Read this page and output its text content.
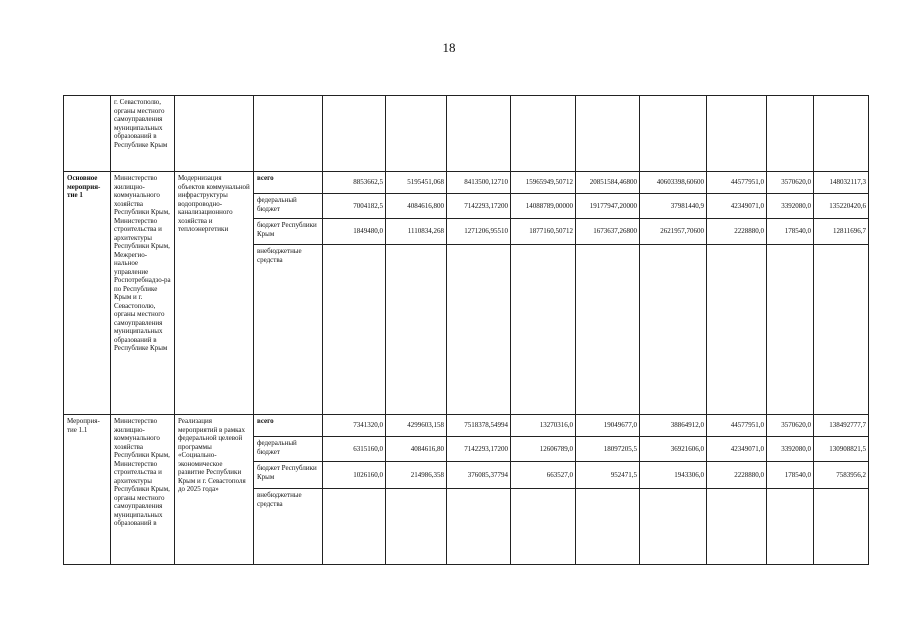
18
	г. Севастополю, органы местного самоуправления муниципальных образований в Республике Крым											
Основное мероприя-тие 1	Министерство жилищно-коммунального хозяйства Республики Крым, Министерство строительства и архитектуры Республики Крым, Межрегио-нальное управление Роспотребнадзо-ра по Республике Крым и г. Севастополю, органы местного самоуправления муниципальных образований в Республике Крым	Модернизация объектов коммунальной инфраструктуры водопроводно-канализационного хозяйства и теплоэнергетики	всего	8853662,5	5195451,068	8413500,12710	15965949,50712	20851584,46800	40603398,60600	44577951,0	3570620,0	148032117,3
			федеральный бюджет	7004182,5	4084616,800	7142293,17200	14088789,00000	19177947,20000	37981440,9	42349071,0	3392080,0	135220420,6
			бюджет Республики Крым	1849480,0	1110834,268	1271206,95510	1877160,50712	1673637,26800	2621957,70600	2228880,0	178540,0	12811696,7
			внебюджетные средства									
Мероприя-тие 1.1	Министерство жилищно-коммунального хозяйства Республики Крым, Министерство строительства и архитектуры Республики Крым, органы местного самоуправления муниципальных образований в	Реализация мероприятий в рамках федеральной целевой программы «Социально-экономическое развитие Республики Крым и г. Севастополя до 2025 года»	всего	7341320,0	4299603,158	7518378,54994	13270316,0	19049677,0	38864912,0	44577951,0	3570620,0	138492777,7
			федеральный бюджет	6315160,0	4084616,80	7142293,17200	12606789,0	18097205,5	36921606,0	42349071,0	3392080,0	130908821,5
			бюджет Республики Крым	1026160,0	214986,358	376085,37794	663527,0	952471,5	1943306,0	2228880,0	178540,0	7583956,2
			внебюджетные средства									
